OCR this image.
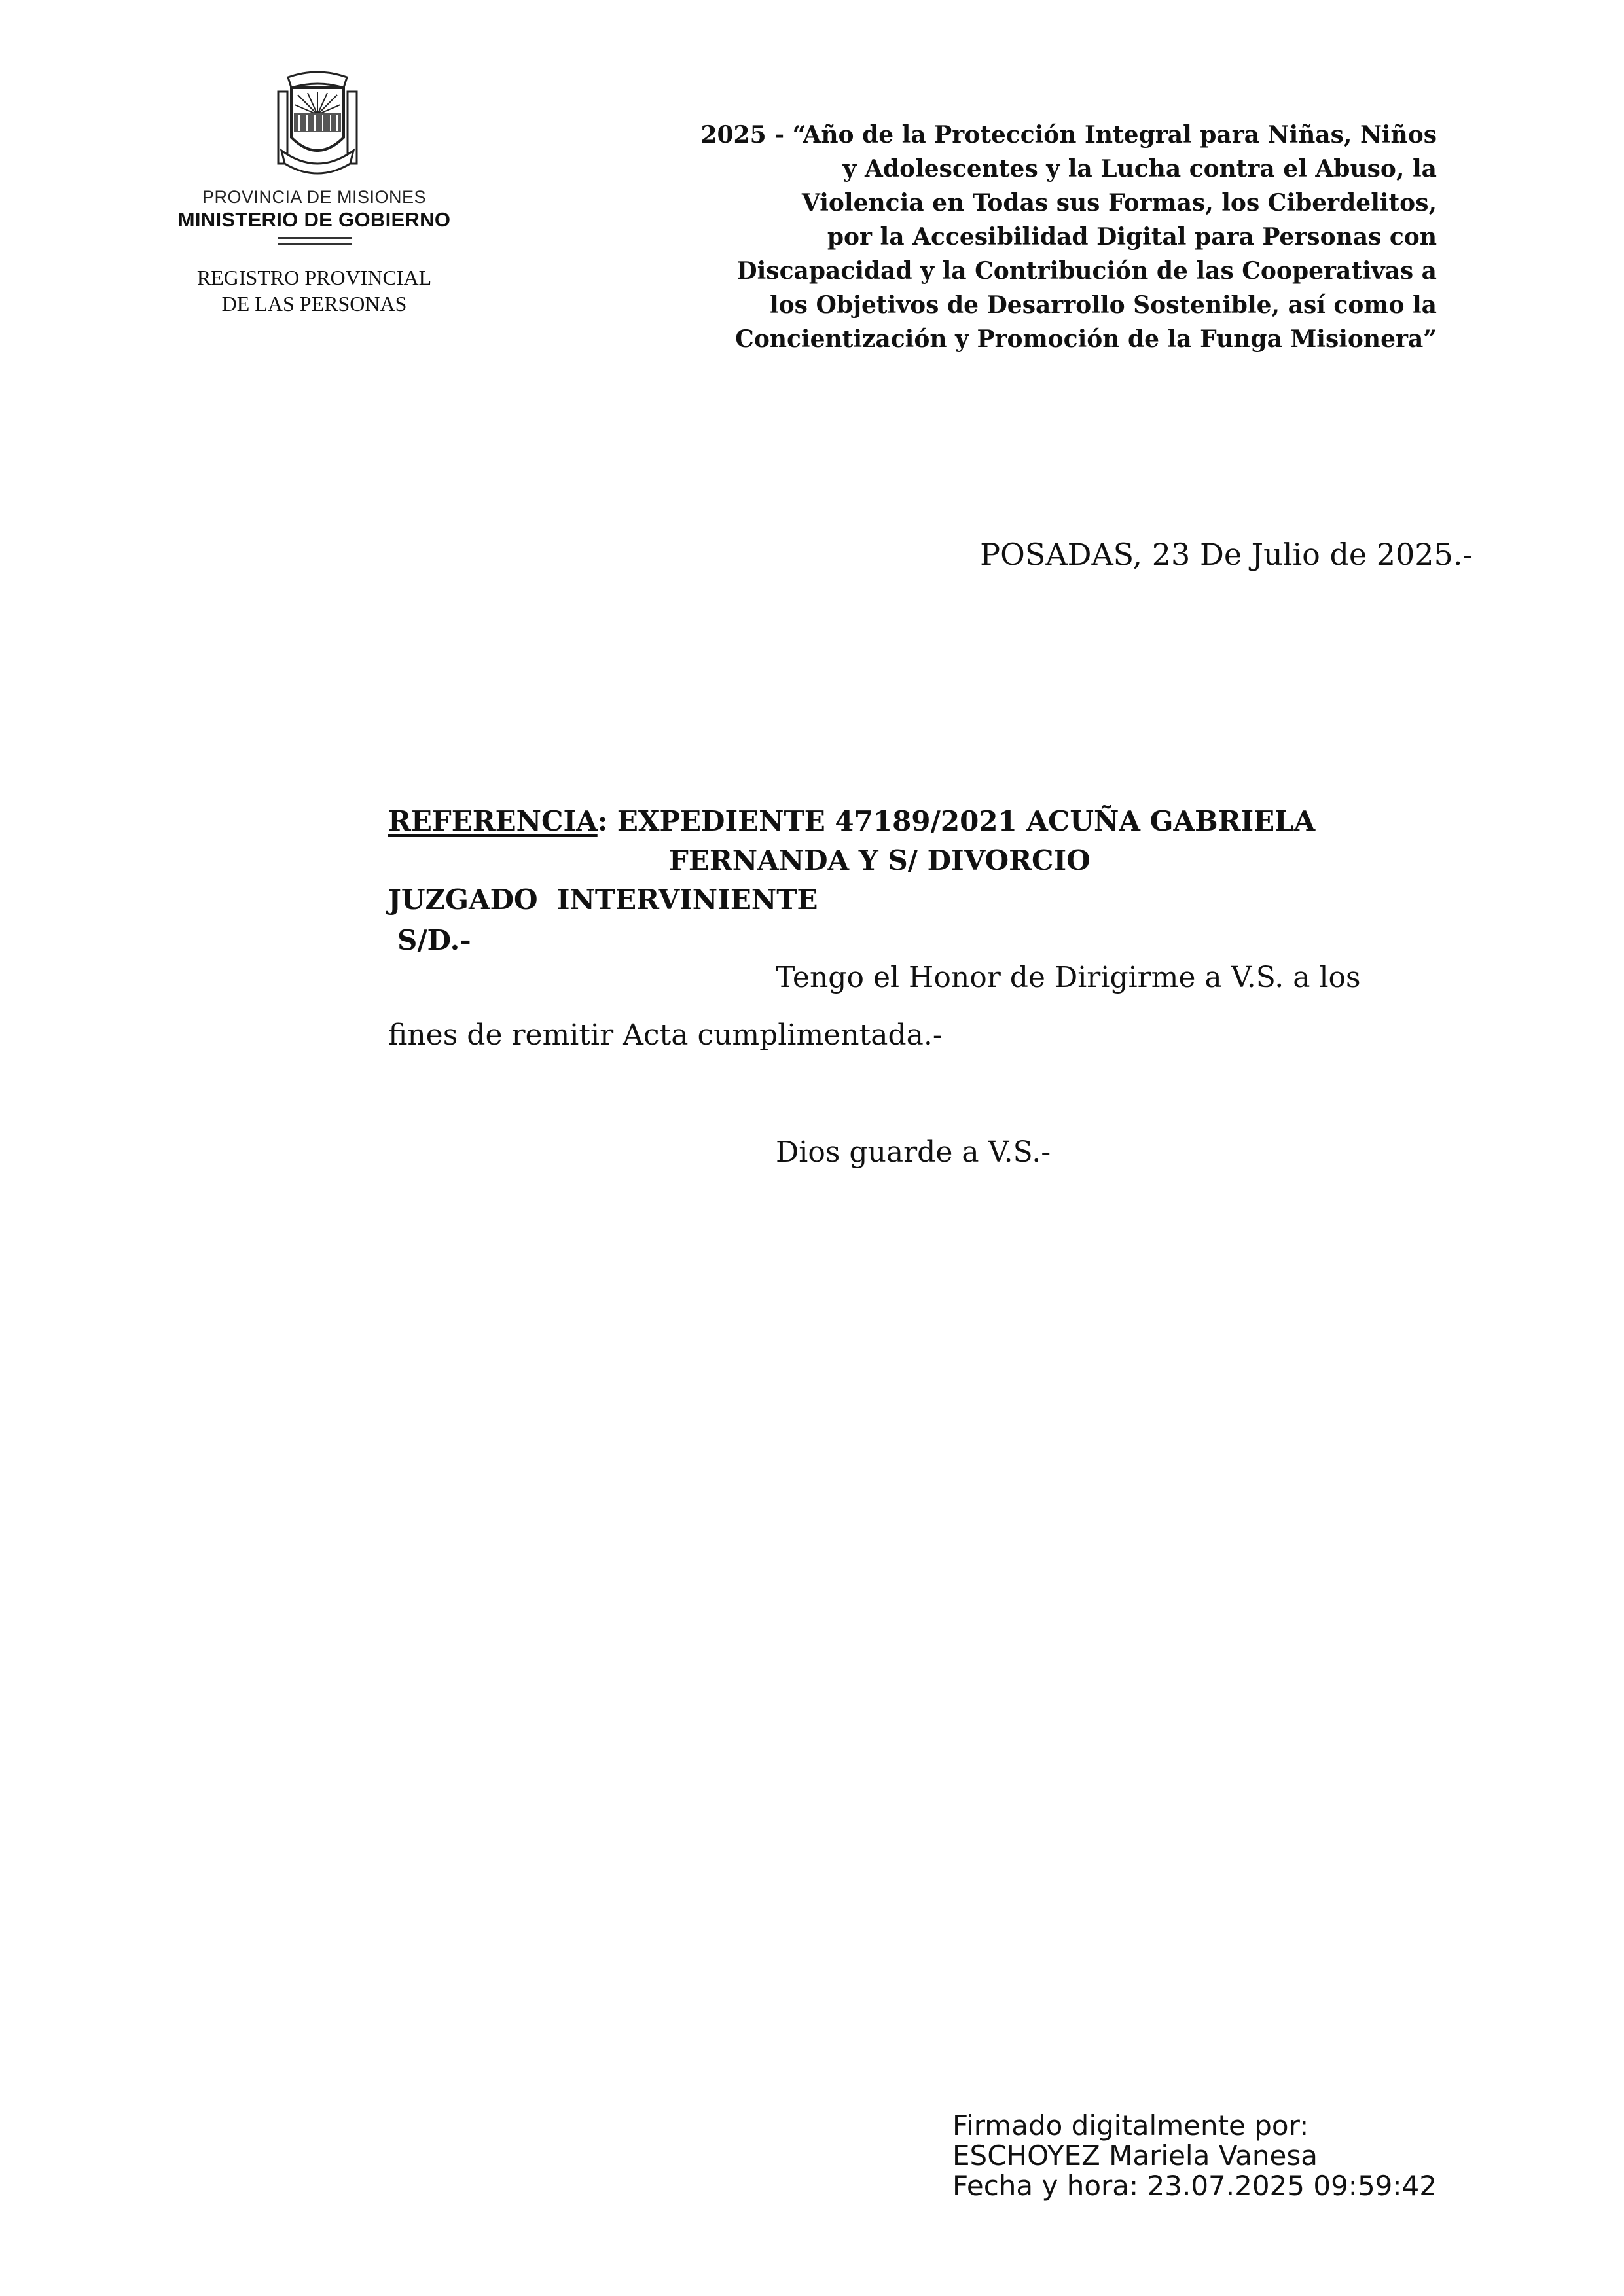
PROVINCIA DE MISIONES
MINISTERIO DE GOBIERNO
REGISTRO PROVINCIAL
DE LAS PERSONAS
2025 - “Año de la Protección Integral para Niñas, Niños
y Adolescentes y la Lucha contra el Abuso, la
Violencia en Todas sus Formas, los Ciberdelitos,
por la Accesibilidad Digital para Personas con
Discapacidad y la Contribución de las Cooperativas a
los Objetivos de Desarrollo Sostenible, así como la
Concientización y Promoción de la Funga Misionera”
POSADAS, 23 De Julio de 2025.-
REFERENCIA: EXPEDIENTE 47189/2021 ACUÑA GABRIELA
FERNANDA Y S/ DIVORCIO
JUZGADO  INTERVINIENTE
S/D.-
Tengo el Honor de Dirigirme a V.S. a los
fines de remitir Acta cumplimentada.-
Dios guarde a V.S.-
Firmado digitalmente por:
ESCHOYEZ Mariela Vanesa
Fecha y hora: 23.07.2025 09:59:42
